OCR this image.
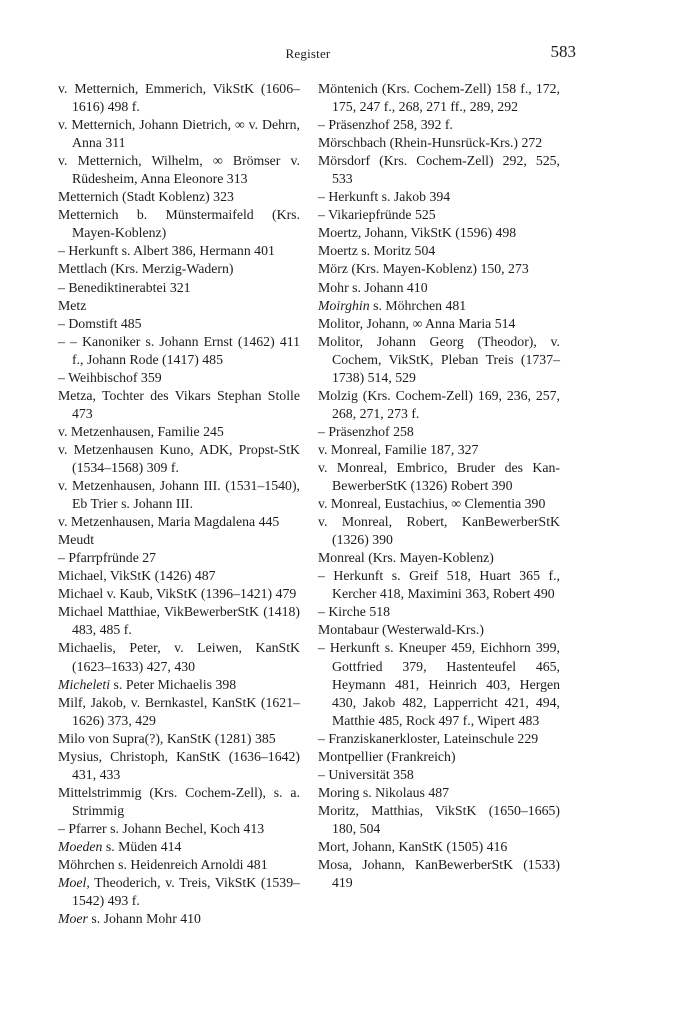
Register	583
v. Metternich, Emmerich, VikStK (1606–1616) 498 f.
v. Metternich, Johann Dietrich, ∞ v. Dehrn, Anna 311
v. Metternich, Wilhelm, ∞ Brömser v. Rüdesheim, Anna Eleonore 313
Metternich (Stadt Koblenz) 323
Metternich b. Münstermaifeld (Krs. Mayen-Koblenz)
– Herkunft s. Albert 386, Hermann 401
Mettlach (Krs. Merzig-Wadern)
– Benediktinerabtei 321
Metz
– Domstift 485
– – Kanoniker s. Johann Ernst (1462) 411 f., Johann Rode (1417) 485
– Weihbischof 359
Metza, Tochter des Vikars Stephan Stolle 473
v. Metzenhausen, Familie 245
v. Metzenhausen Kuno, ADK, Propst-StK (1534–1568) 309 f.
v. Metzenhausen, Johann III. (1531–1540), Eb Trier s. Johann III.
v. Metzenhausen, Maria Magdalena 445
Meudt
– Pfarrpfründe 27
Michael, VikStK (1426) 487
Michael v. Kaub, VikStK (1396–1421) 479
Michael Matthiae, VikBewerberStK (1418) 483, 485 f.
Michaelis, Peter, v. Leiwen, KanStK (1623–1633) 427, 430
Micheleti s. Peter Michaelis 398
Milf, Jakob, v. Bernkastel, KanStK (1621–1626) 373, 429
Milo von Supra(?), KanStK (1281) 385
Mysius, Christoph, KanStK (1636–1642) 431, 433
Mittelstrimmig (Krs. Cochem-Zell), s. a. Strimmig
– Pfarrer s. Johann Bechel, Koch 413
Moeden s. Müden 414
Möhrchen s. Heidenreich Arnoldi 481
Moel, Theoderich, v. Treis, VikStK (1539–1542) 493 f.
Moer s. Johann Mohr 410
Möntenich (Krs. Cochem-Zell) 158 f., 172, 175, 247 f., 268, 271 ff., 289, 292
– Präsenzhof 258, 392 f.
Mörschbach (Rhein-Hunsrück-Krs.) 272
Mörsdorf (Krs. Cochem-Zell) 292, 525, 533
– Herkunft s. Jakob 394
– Vikariepfründe 525
Moertz, Johann, VikStK (1596) 498
Moertz s. Moritz 504
Mörz (Krs. Mayen-Koblenz) 150, 273
Mohr s. Johann 410
Moirghin s. Möhrchen 481
Molitor, Johann, ∞ Anna Maria 514
Molitor, Johann Georg (Theodor), v. Cochem, VikStK, Pleban Treis (1737–1738) 514, 529
Molzig (Krs. Cochem-Zell) 169, 236, 257, 268, 271, 273 f.
– Präsenzhof 258
v. Monreal, Familie 187, 327
v. Monreal, Embrico, Bruder des Kan-BewerberStK (1326) Robert 390
v. Monreal, Eustachius, ∞ Clementia 390
v. Monreal, Robert, KanBewerberStK (1326) 390
Monreal (Krs. Mayen-Koblenz)
– Herkunft s. Greif 518, Huart 365 f., Kercher 418, Maximini 363, Robert 490
– Kirche 518
Montabaur (Westerwald-Krs.)
– Herkunft s. Kneuper 459, Eichhorn 399, Gottfried 379, Hastenteufel 465, Heymann 481, Heinrich 403, Hergen 430, Jakob 482, Lapperricht 421, 494, Matthie 485, Rock 497 f., Wipert 483
– Franziskanerkloster, Lateinschule 229
Montpellier (Frankreich)
– Universität 358
Moring s. Nikolaus 487
Moritz, Matthias, VikStK (1650–1665) 180, 504
Mort, Johann, KanStK (1505) 416
Mosa, Johann, KanBewerberStK (1533) 419
